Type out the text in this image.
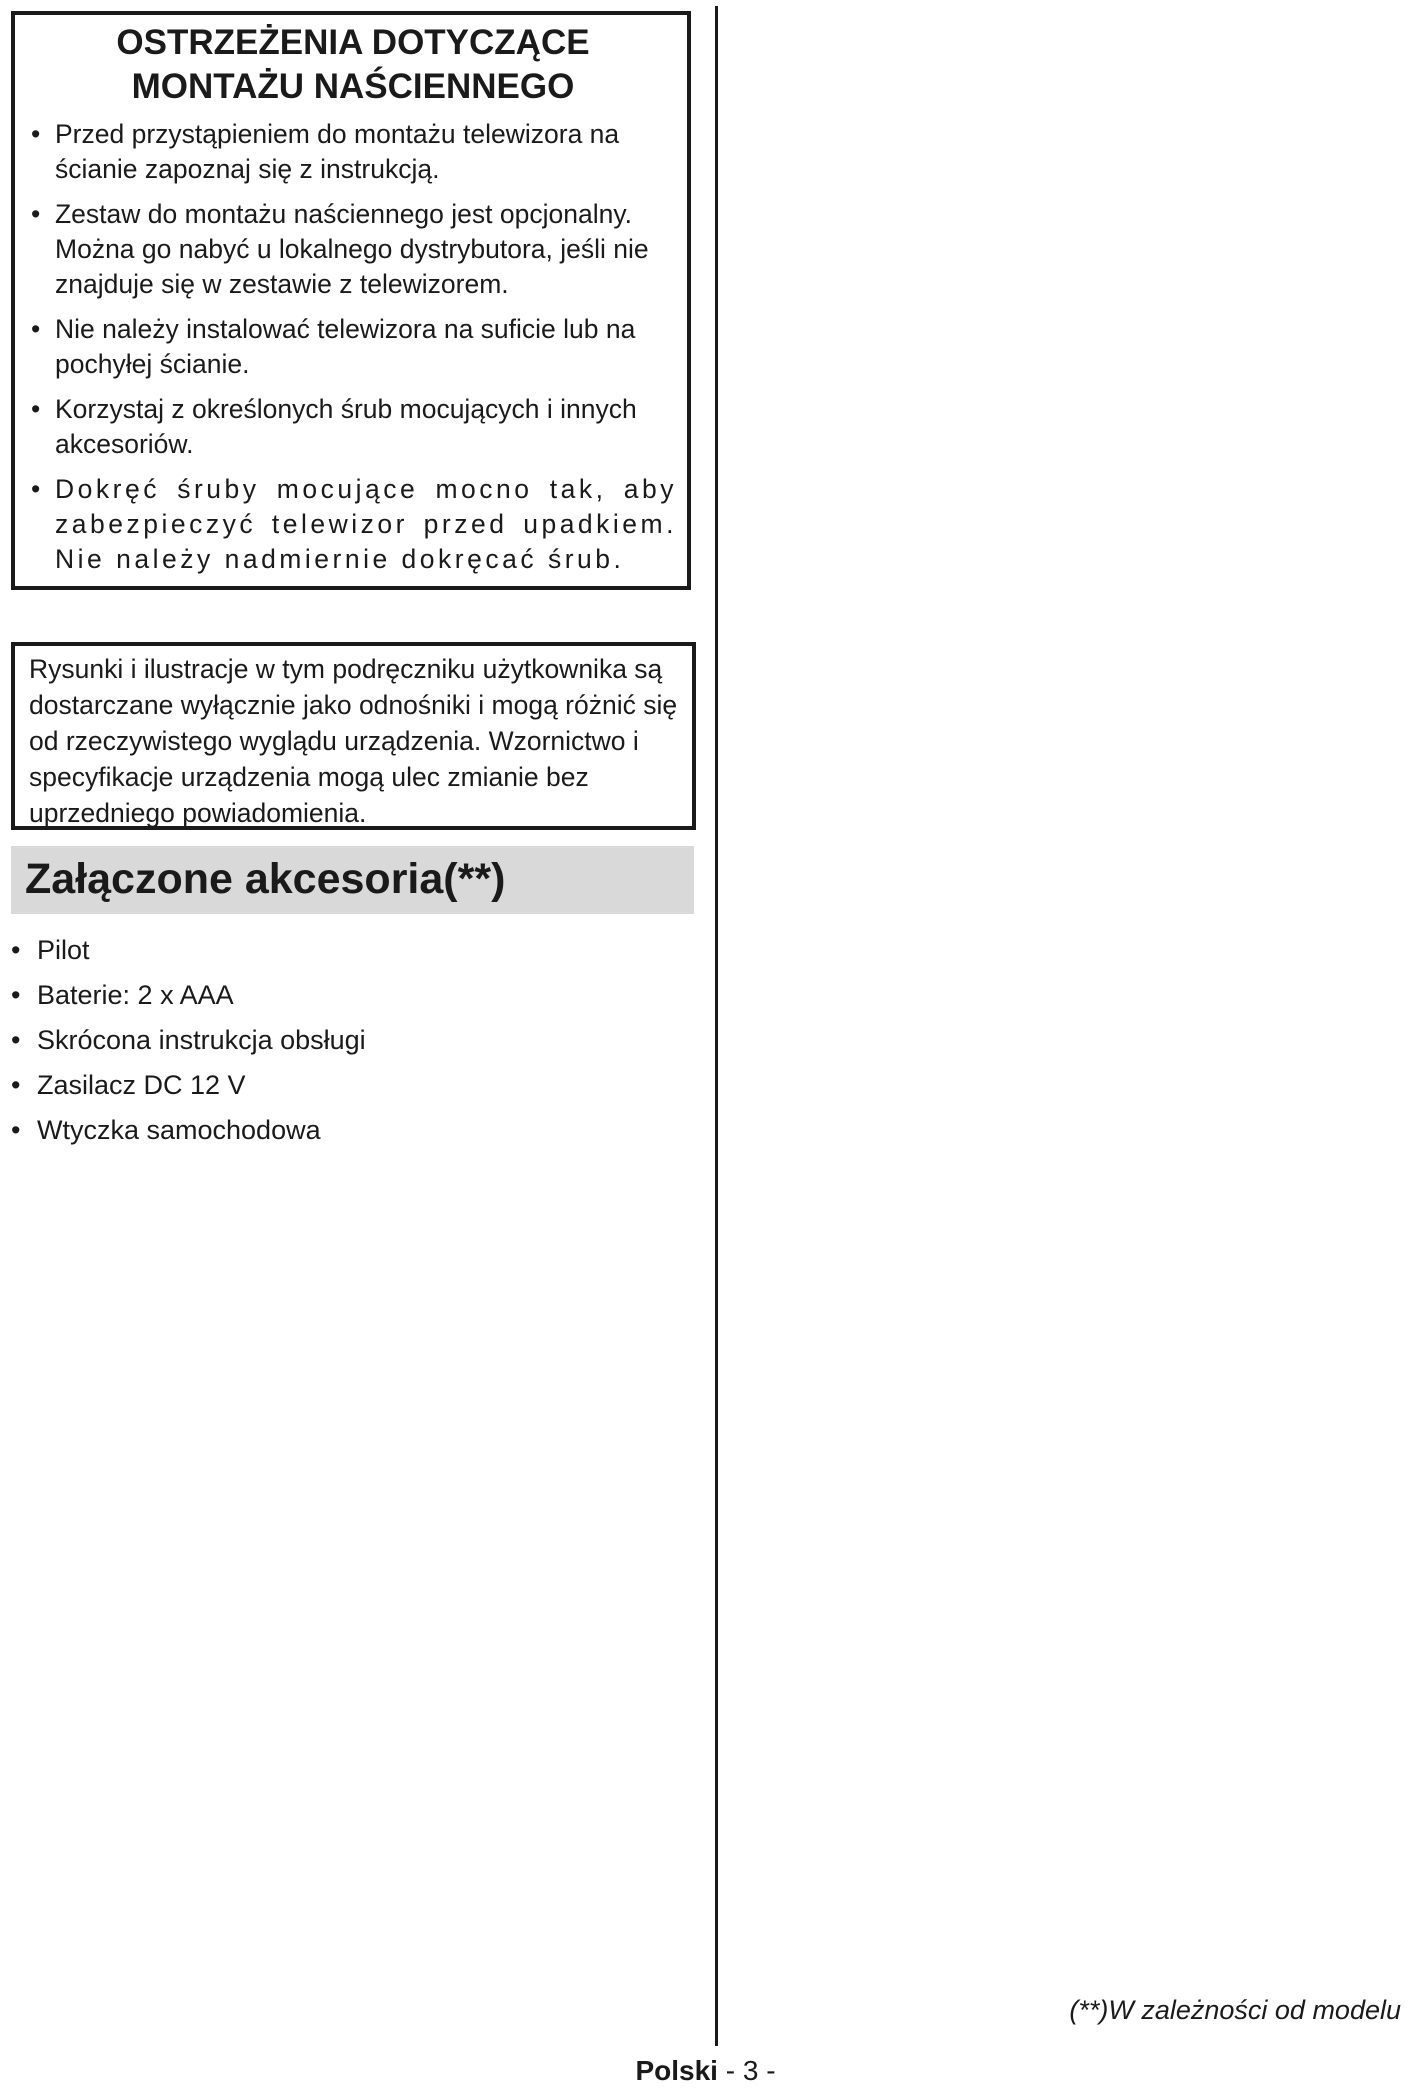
OSTRZEŻENIA DOTYCZĄCE
MONTAŻU NAŚCIENNEGO
• Przed przystąpieniem do montażu telewizora na ścianie zapoznaj się z instrukcją.
• Zestaw do montażu naściennego jest opcjonalny. Można go nabyć u lokalnego dystrybutora, jeśli nie znajduje się w zestawie z telewizorem.
• Nie należy instalować telewizora na suficie lub na pochyłej ścianie.
• Korzystaj z określonych śrub mocujących i innych akcesoriów.
• Dokręć śruby mocujące mocno tak, aby zabezpieczyć telewizor przed upadkiem. Nie należy nadmiernie dokręcać śrub.

Rysunki i ilustracje w tym podręczniku użytkownika są dostarczane wyłącznie jako odnośniki i mogą różnić się od rzeczywistego wyglądu urządzenia. Wzornictwo i specyfikacje urządzenia mogą ulec zmianie bez uprzedniego powiadomienia.

Załączone akcesoria(**)
• Pilot
• Baterie: 2 x AAA
• Skrócona instrukcja obsługi
• Zasilacz DC 12 V
• Wtyczka samochodowa
(**)W zależności od modelu
Polski - 3 -
